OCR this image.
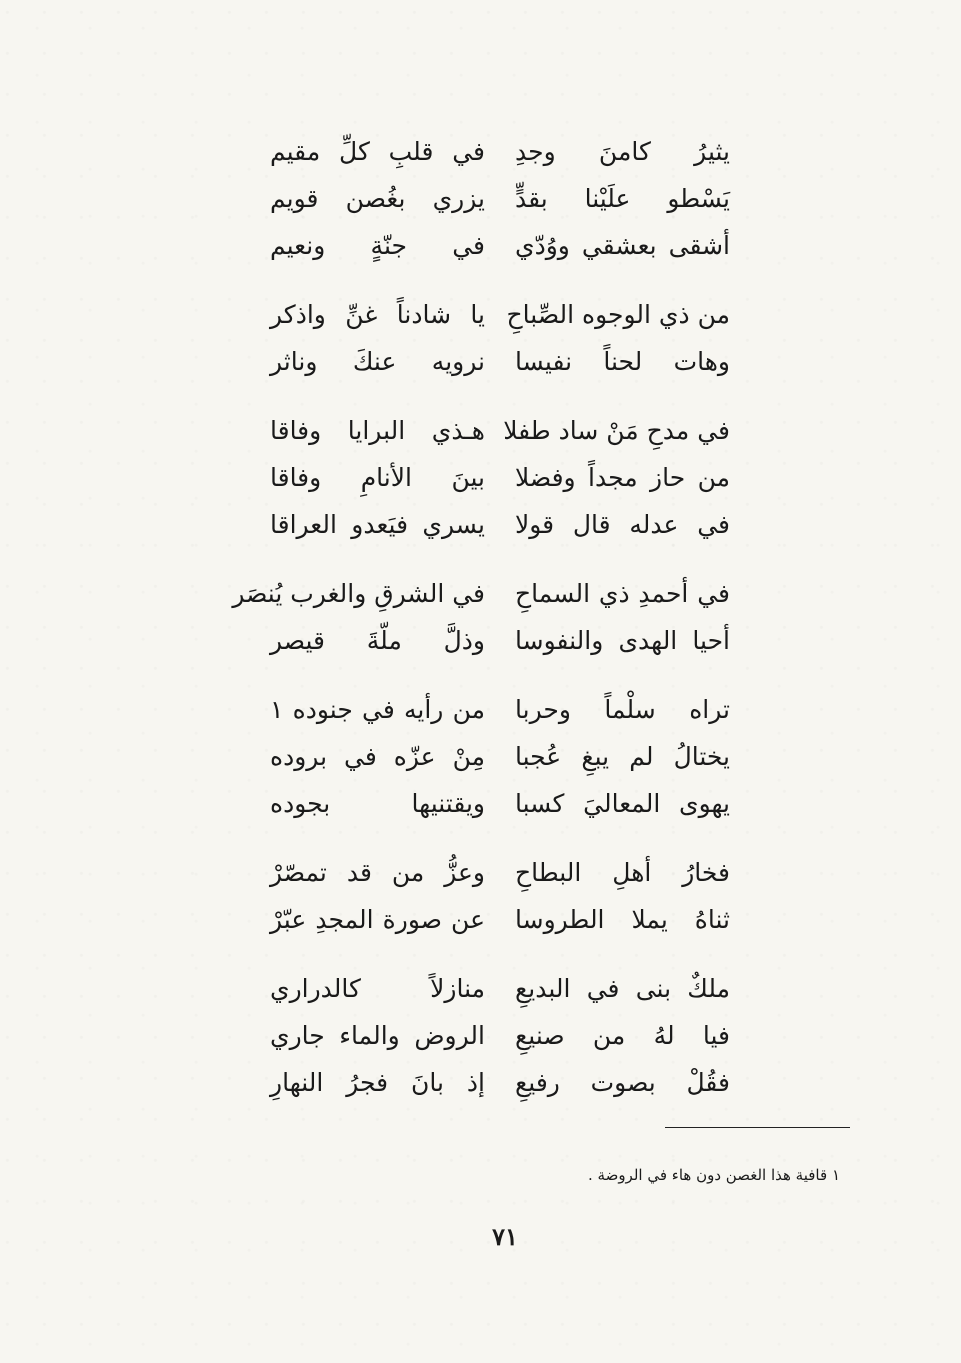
يثيرُ كامنَ وجدِ
في قلبِ كلِّ مقيم
يَسْطو علَيْنا بقدٍّ
يزري بغُصن قويم
أشقى بعشقي ووُدّي
في جنّةٍ ونعيم
من ذي الوجوه الصِّباحِ
يا شادناً غنِّ واذكر
وهات لحناً نفيسا
نرويه عنكَ وناثر
في مدحِ مَنْ ساد طفلا
هـذي البرايا وفاقا
من حاز مجداً وفضلا
بينَ الأنامِ وفاقا
في عدله قال قولا
يسري فيَعدو العراقا
في أحمدِ ذي السماحِ
في الشرقِ والغرب يُنصَر
أحيا الهدى والنفوسا
وذلَّ ملّةَ قيصر
تراه سلْماً وحربا
من رأيه في جنوده ١
يختالُ لم يبغِ عُجبا
مِنْ عزّه في بروده
يهوى المعاليَ كسبا
ويقتنيها بجوده
فخارُ أهلِ البطاحِ
وعزُّ من قد تمصّرْ
ثناهُ يملا الطروسا
عن صورة المجدِ عبّرْ
ملكٌ بنى في البديعِ
منازلاً كالدراري
فيا لهُ من صنيعِ
الروض والماء جاري
فقُلْ بصوت رفيعِ
إذ بانَ فجرُ النهارِ
١ قافية هذا الغصن دون هاء في الروضة .
٧١
